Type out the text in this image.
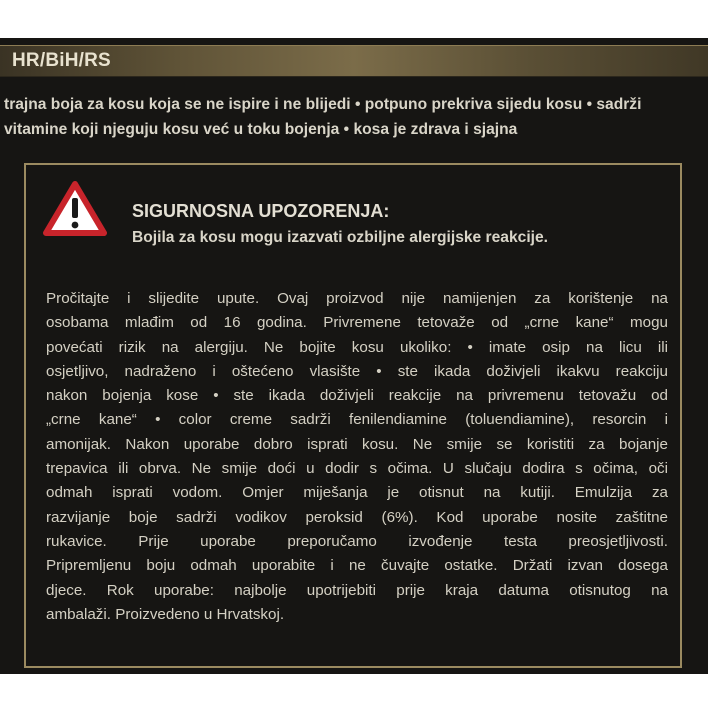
HR/BiH/RS
trajna boja za kosu koja se ne ispire i ne blijedi • potpuno prekriva sijedu kosu • sadrži
vitamine koji njeguju kosu već u toku bojenja • kosa je zdrava i sjajna
SIGURNOSNA UPOZORENJA:
Bojila za kosu mogu izazvati ozbiljne alergijske reakcije.
Pročitajte i slijedite upute. Ovaj proizvod nije namijenjen za korištenje na
osobama mlađim od 16 godina. Privremene tetovaže od „crne kane“ mogu
povećati rizik na alergiju. Ne bojite kosu ukoliko: • imate osip na licu ili
osjetljivo, nadraženo i oštećeno vlasište • ste ikada doživjeli ikakvu reakciju
nakon bojenja kose • ste ikada doživjeli reakcije na privremenu tetovažu od
„crne kane“ • color creme sadrži fenilendiamine (toluendiamine), resorcin i
amonijak. Nakon uporabe dobro isprati kosu. Ne smije se koristiti za bojanje
trepavica ili obrva. Ne smije doći u dodir s očima. U slučaju dodira s očima, oči
odmah isprati vodom. Omjer miješanja je otisnut na kutiji. Emulzija za
razvijanje boje sadrži vodikov peroksid (6%). Kod uporabe nosite zaštitne
rukavice. Prije uporabe preporučamo izvođenje testa preosjetljivosti.
Pripremljenu boju odmah uporabite i ne čuvajte ostatke. Držati izvan dosega
djece. Rok uporabe: najbolje upotrijebiti prije kraja datuma otisnutog na
ambalaži. Proizvedeno u Hrvatskoj.
